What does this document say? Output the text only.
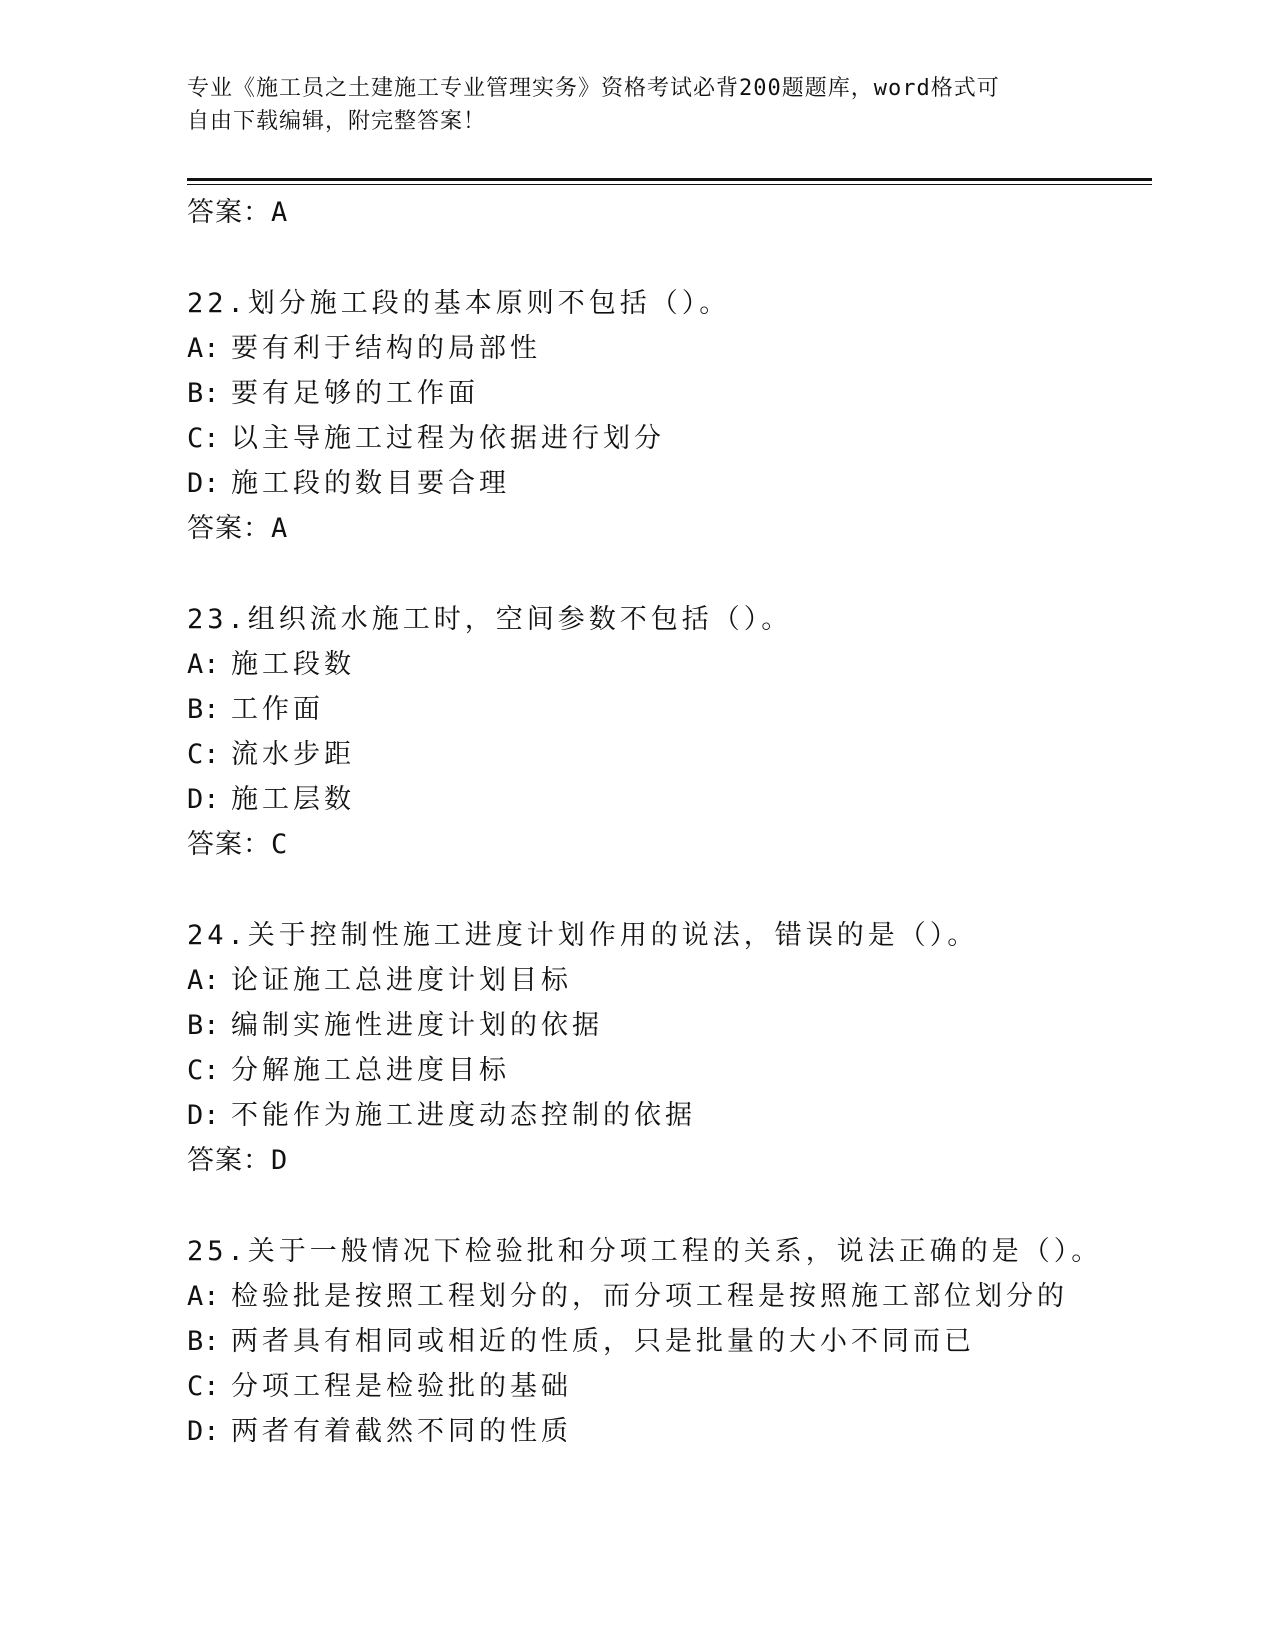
专业《施工员之土建施工专业管理实务》资格考试必背200题题库，word格式可
自由下载编辑，附完整答案！
答案：A
22.划分施工段的基本原则不包括（）。
A: 要有利于结构的局部性
B: 要有足够的工作面
C: 以主导施工过程为依据进行划分
D: 施工段的数目要合理
答案：A
23.组织流水施工时，空间参数不包括（）。
A: 施工段数
B: 工作面
C: 流水步距
D: 施工层数
答案：C
24.关于控制性施工进度计划作用的说法，错误的是（）。
A: 论证施工总进度计划目标
B: 编制实施性进度计划的依据
C: 分解施工总进度目标
D: 不能作为施工进度动态控制的依据
答案：D
25.关于一般情况下检验批和分项工程的关系，说法正确的是（）。
A: 检验批是按照工程划分的，而分项工程是按照施工部位划分的
B: 两者具有相同或相近的性质，只是批量的大小不同而已
C: 分项工程是检验批的基础
D: 两者有着截然不同的性质
